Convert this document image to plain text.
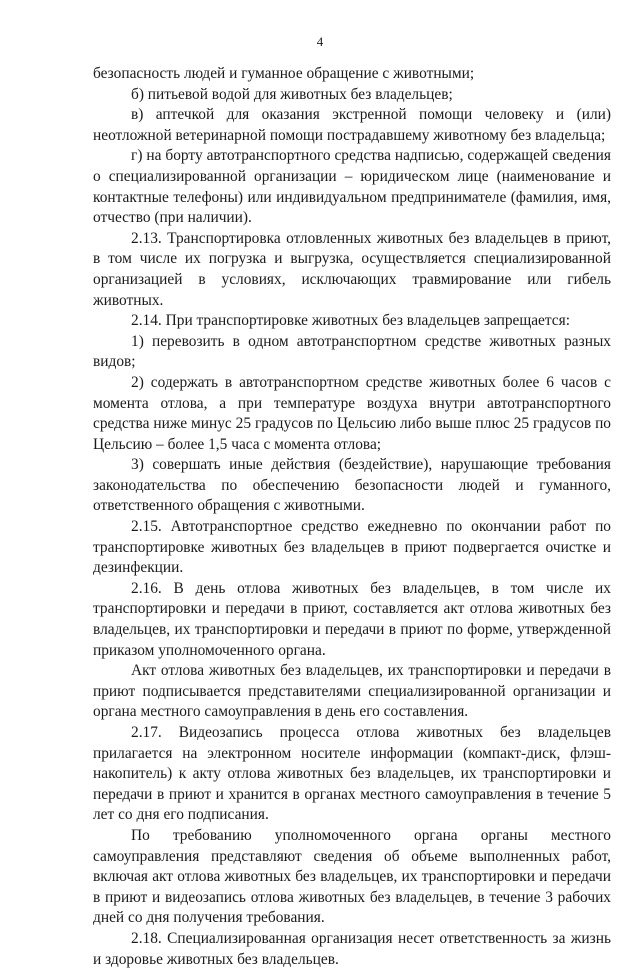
4

безопасность людей и гуманное обращение с животными;

б) питьевой водой для животных без владельцев;

в) аптечкой для оказания экстренной помощи человеку и (или) неотложной ветеринарной помощи пострадавшему животному без владельца;

г) на борту автотранспортного средства надписью, содержащей сведения о специализированной организации – юридическом лице (наименование и контактные телефоны) или индивидуальном предпринимателе (фамилия, имя, отчество (при наличии).

2.13. Транспортировка отловленных животных без владельцев в приют, в том числе их погрузка и выгрузка, осуществляется специализированной организацией в условиях, исключающих травмирование или гибель животных.

2.14. При транспортировке животных без владельцев запрещается:

1) перевозить в одном автотранспортном средстве животных разных видов;

2) содержать в автотранспортном средстве животных более 6 часов с момента отлова, а при температуре воздуха внутри автотранспортного средства ниже минус 25 градусов по Цельсию либо выше плюс 25 градусов по Цельсию – более 1,5 часа с момента отлова;

3) совершать иные действия (бездействие), нарушающие требования законодательства по обеспечению безопасности людей и гуманного, ответственного обращения с животными.

2.15. Автотранспортное средство ежедневно по окончании работ по транспортировке животных без владельцев в приют подвергается очистке и дезинфекции.

2.16. В день отлова животных без владельцев, в том числе их транспортировки и передачи в приют, составляется акт отлова животных без владельцев, их транспортировки и передачи в приют по форме, утвержденной приказом уполномоченного органа.

Акт отлова животных без владельцев, их транспортировки и передачи в приют подписывается представителями специализированной организации и органа местного самоуправления в день его составления.

2.17. Видеозапись процесса отлова животных без владельцев прилагается на электронном носителе информации (компакт-диск, флэш-накопитель) к акту отлова животных без владельцев, их транспортировки и передачи в приют и хранится в органах местного самоуправления в течение 5 лет со дня его подписания.

По требованию уполномоченного органа органы местного самоуправления представляют сведения об объеме выполненных работ, включая акт отлова животных без владельцев, их транспортировки и передачи в приют и видеозапись отлова животных без владельцев, в течение 3 рабочих дней со дня получения требования.

2.18. Специализированная организация несет ответственность за жизнь и здоровье животных без владельцев.
